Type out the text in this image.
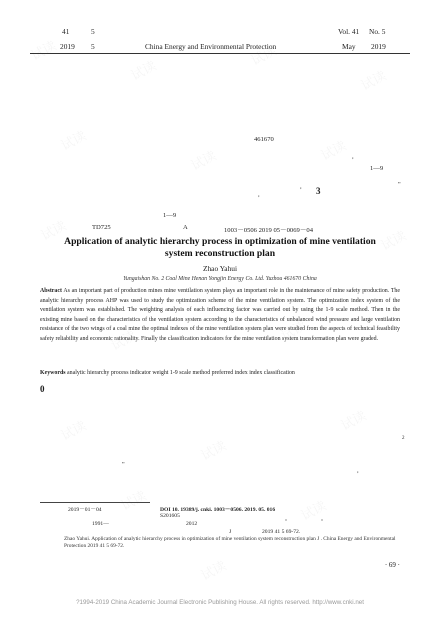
41	5
2019 5	China Energy and Environmental Protection
Vol. 41 No. 5
May 2019
461670
,
1—9
"
,
,	3
1—9
TD725	A	1003－0506 2019 05－0069－04
Application of analytic hierarchy process in optimization of mine ventilation system reconstruction plan
Zhao Yahui
Yungaishan No. 2 Coal Mine Henan Yongjin Energy Co. Ltd. Yuzhou 461670 China
Abstract As an important part of production mines mine ventilation system plays an important role in the maintenance of mine safety production. The analytic hierarchy process AHP was used to study the optimization scheme of the mine ventilation system. The optimization index system of the ventilation system was established. The weighting analysis of each influencing factor was carried out by using the 1-9 scale method. Then in the existing mine based on the characteristics of the ventilation system according to the characteristics of unbalanced wind pressure and large ventilation resistance of the two wings of a coal mine the optimal indexes of the mine ventilation system plan were studied from the aspects of technical feasibility safety reliability and economic rationality. Finally the classification indicators for the mine ventilation system transformation plan were graded.
Keywords analytic hierarchy process indicator weight 1-9 scale method preferred index index classification
0
2
"
,
2019－01－04	DOI 10. 19389/j. cnki. 1003－0506. 2019. 05. 016
S201605
1991—	2012	"	"
J	2019 41 5 69-72.
Zhao Yahui. Application of analytic hierarchy process in optimization of mine ventilation system reconstruction plan J . China Energy and Environmental Protection 2019 41 5 69-72.
· 69 ·
?1994-2019 China Academic Journal Electronic Publishing House. All rights reserved. http://www.cnki.net
